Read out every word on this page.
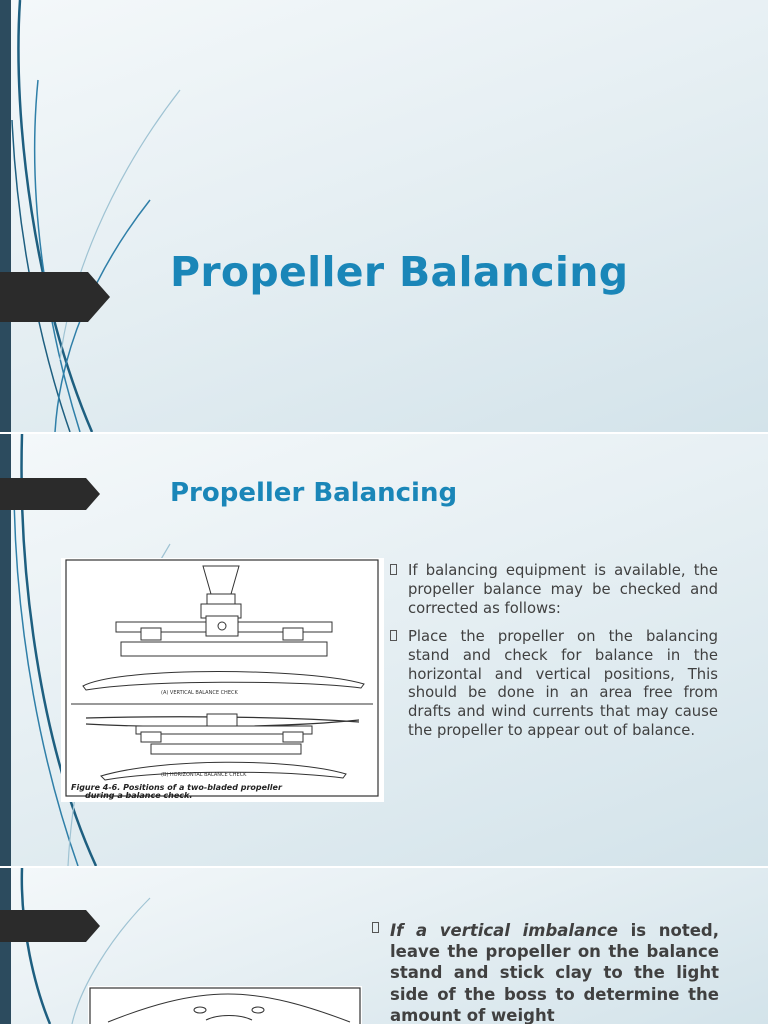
Propeller Balancing
Propeller Balancing
(A) VERTICAL BALANCE CHECK
(B) HORIZONTAL BALANCE CHECK
Figure 4-6. Positions of a two-bladed propeller
during a balance check.
If balancing equipment is available, the propeller balance may be checked and corrected as follows:
Place the propeller on the balancing stand and check for balance in the horizontal and vertical positions, This should be done in an area free from drafts and wind currents that may cause the propeller to appear out of balance.
If a vertical imbalance is noted, leave the propeller on the balance stand and stick clay to the light side of the boss to determine the amount of weight
